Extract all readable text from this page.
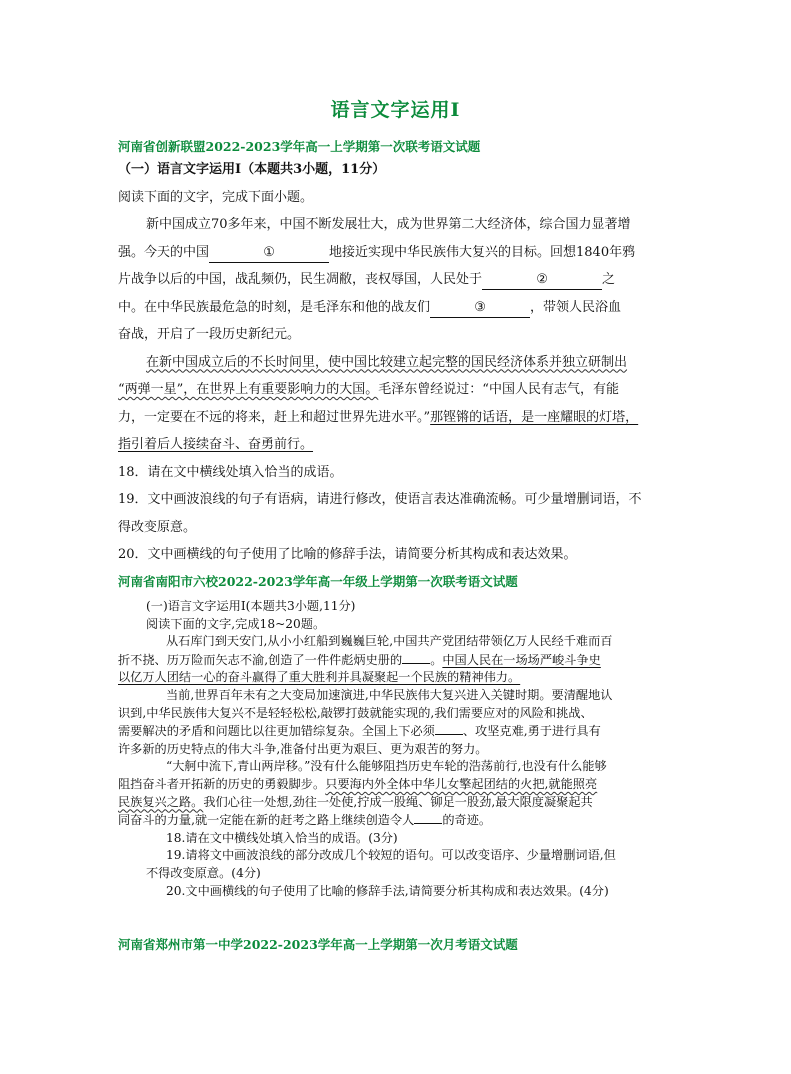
语言文字运用Ⅰ
河南省创新联盟2022-2023学年高一上学期第一次联考语文试题

（一）语言文字运用Ⅰ（本题共3小题，11分）

阅读下面的文字，完成下面小题。

新中国成立70多年来，中国不断发展壮大，成为世界第二大经济体，综合国力显著增

强。今天的中国	①	地接近实现中华民族伟大复兴的目标。回想1840年鸦

片战争以后的中国，战乱频仍，民生凋敝，丧权辱国，人民处于	②	之

中。在中华民族最危急的时刻，是毛泽东和他的战友们	③	，带领人民浴血

奋战，开启了一段历史新纪元。

在新中国成立后的不长时间里，使中国比较建立起完整的国民经济体系并独立研制出

“两弹一星”，在世界上有重要影响力的大国。毛泽东曾经说过：“中国人民有志气，有能

力，一定要在不远的将来，赶上和超过世界先进水平。”那铿锵的话语，是一座耀眼的灯塔，

指引着后人接续奋斗、奋勇前行。

18．请在文中横线处填入恰当的成语。

19．文中画波浪线的句子有语病，请进行修改，使语言表达准确流畅。可少量增删词语，不

得改变原意。

20．文中画横线的句子使用了比喻的修辞手法，请简要分析其构成和表达效果。

河南省南阳市六校2022-2023学年高一年级上学期第一次联考语文试题

(一)语言文字运用Ⅰ(本题共3小题,11分)

阅读下面的文字,完成18~20题。

从石库门到天安门,从小小红船到巍巍巨轮,中国共产党团结带领亿万人民经千难而百

折不挠、历万险而矢志不渝,创造了一件件彪炳史册的 。中国人民在一场场严峻斗争史

以亿万人团结一心的奋斗赢得了重大胜利并具凝聚起一个民族的精神伟力。

当前,世界百年未有之大变局加速演进,中华民族伟大复兴进入关键时期。要清醒地认

识到,中华民族伟大复兴不是轻轻松松,敲锣打鼓就能实现的,我们需要应对的风险和挑战、

需要解决的矛盾和问题比以往更加错综复杂。全国上下必须 、攻坚克难,勇于进行具有

许多新的历史特点的伟大斗争,准备付出更为艰巨、更为艰苦的努力。

“大舸中流下,青山两岸移。”没有什么能够阻挡历史车轮的浩荡前行,也没有什么能够

阻挡奋斗者开拓新的历史的勇毅脚步。只要海内外全体中华儿女擎起团结的火把,就能照亮

民族复兴之路。我们心往一处想,劲往一处使,拧成一股绳、铆足一股劲,最大限度凝聚起共

同奋斗的力量,就一定能在新的赶考之路上继续创造令人 的奇迹。

18.请在文中横线处填入恰当的成语。(3分)

19.请将文中画波浪线的部分改成几个较短的语句。可以改变语序、少量增删词语,但

不得改变原意。(4分)

20.文中画横线的句子使用了比喻的修辞手法,请简要分析其构成和表达效果。(4分)

河南省郑州市第一中学2022-2023学年高一上学期第一次月考语文试题
